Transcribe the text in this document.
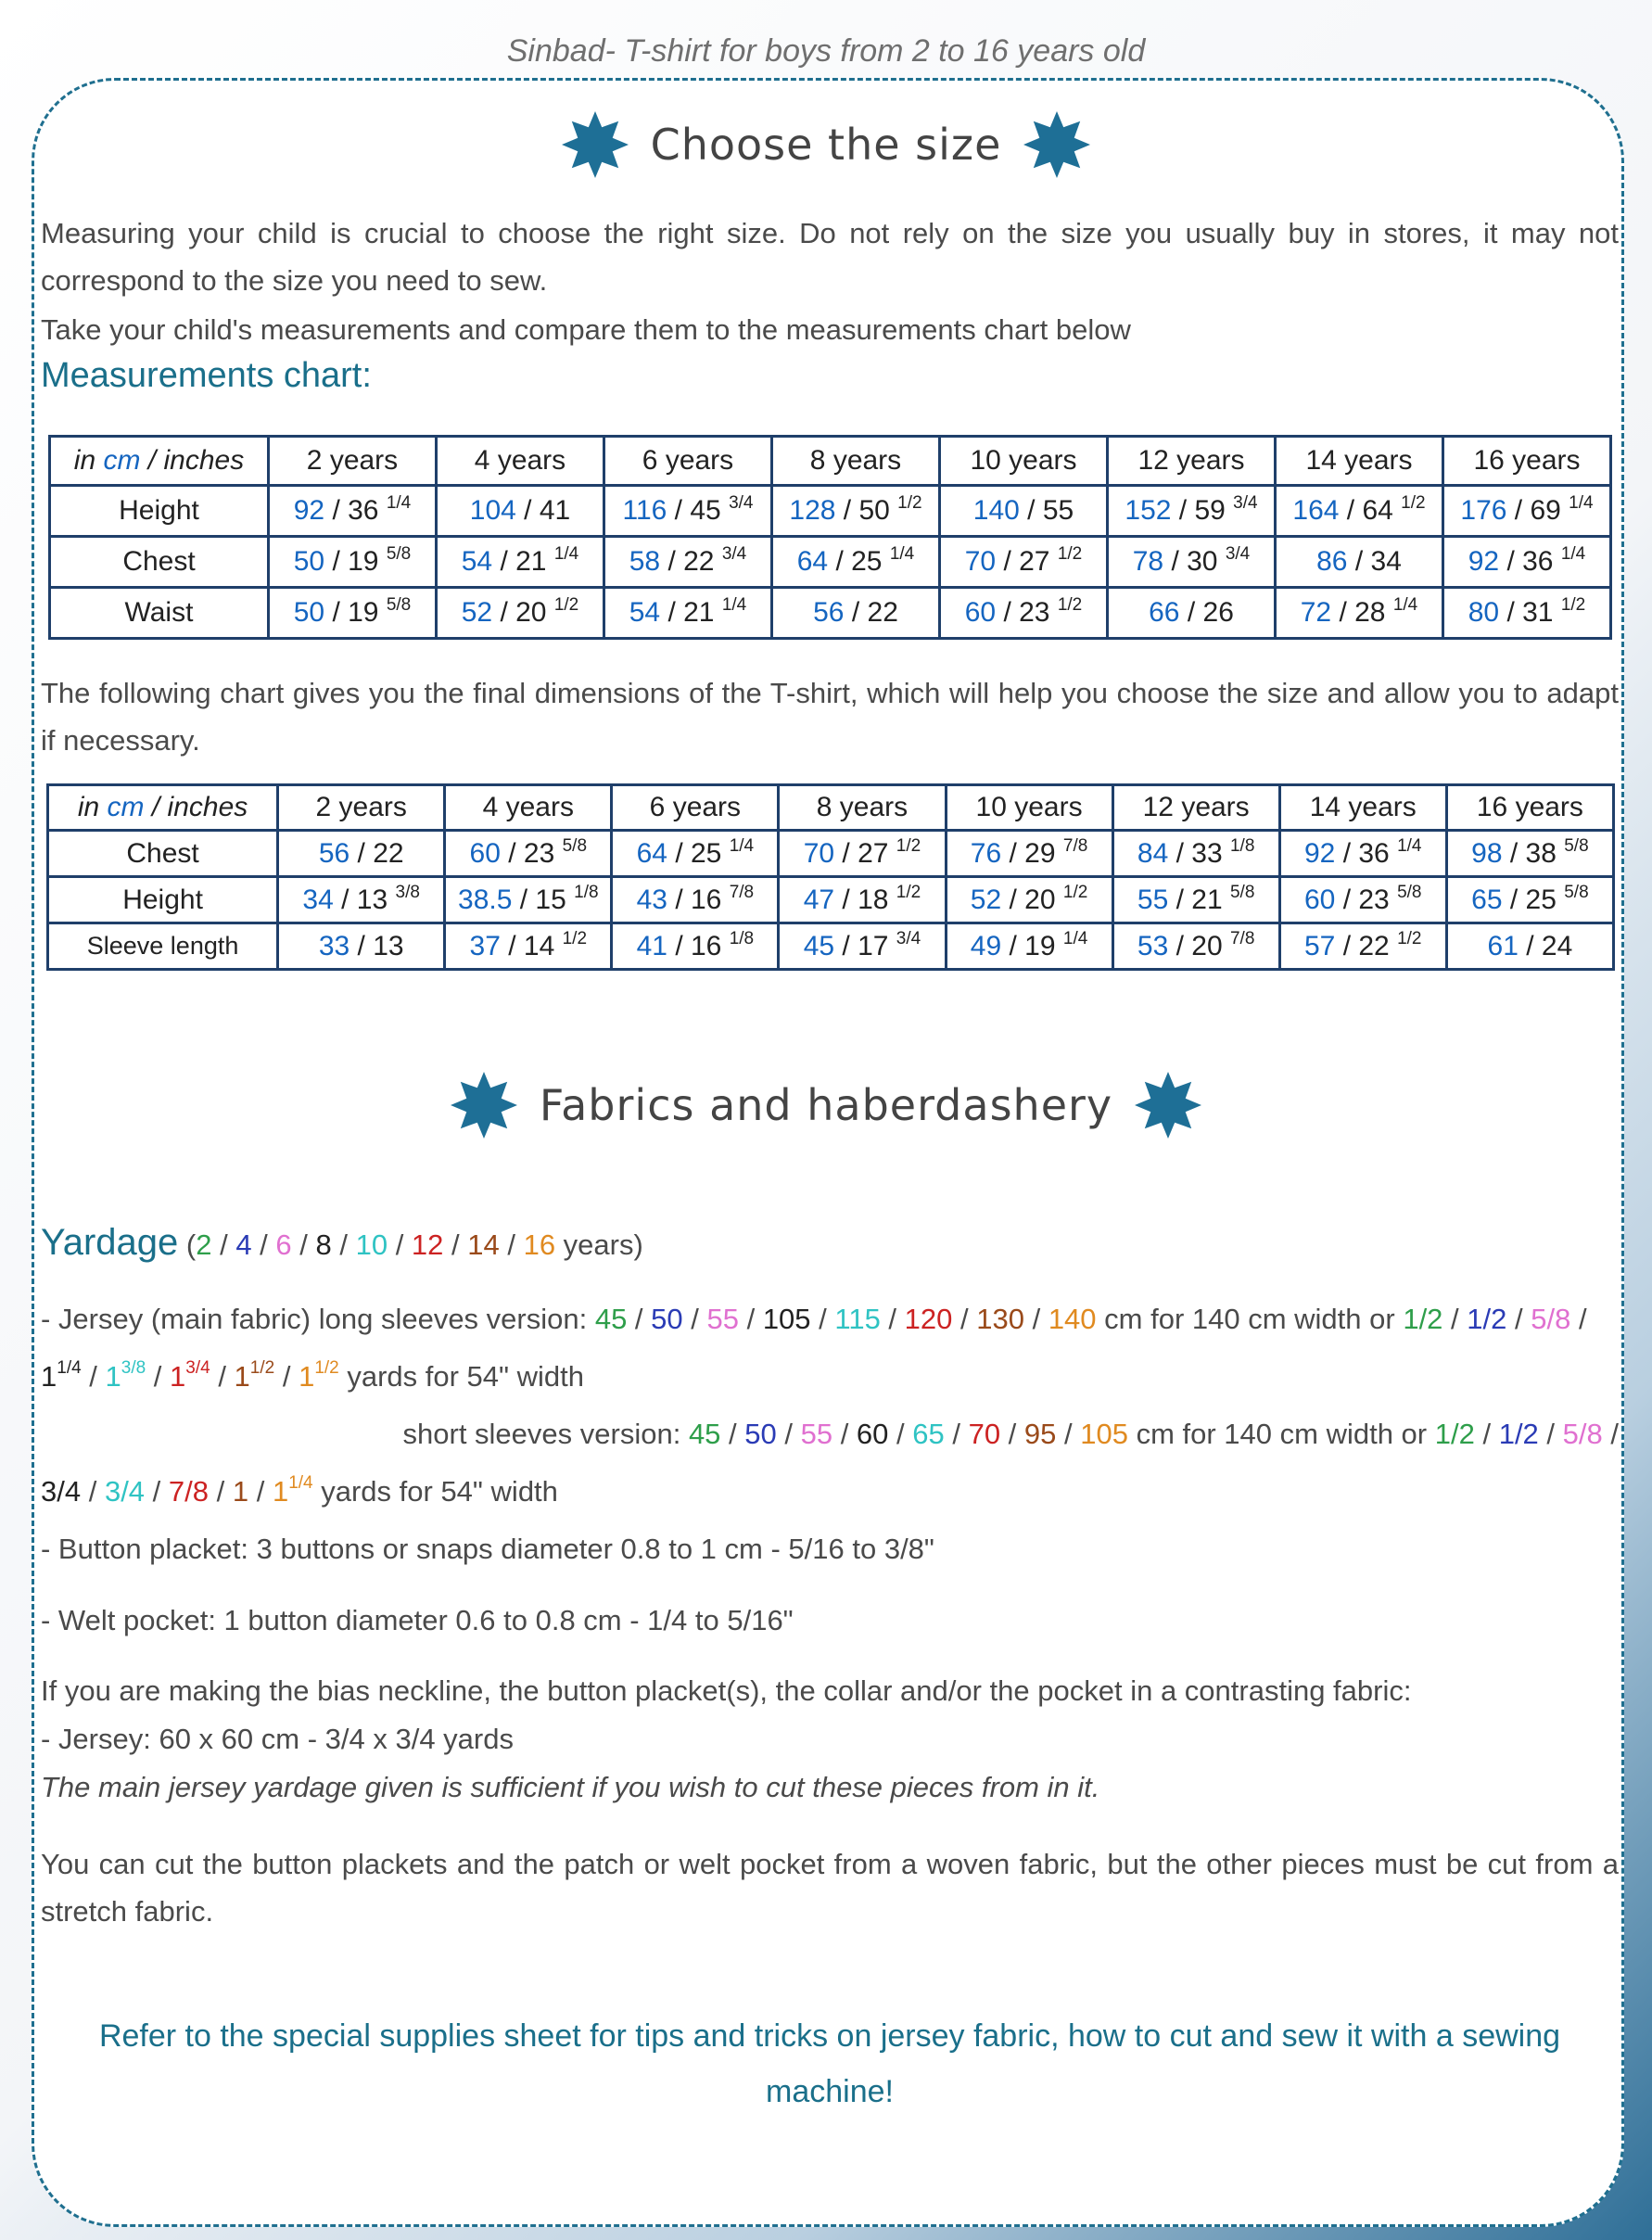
Sinbad- T-shirt for boys from 2 to 16 years old
Choose the size
Measuring your child is crucial to choose the right size. Do not rely on the size you usually buy in stores, it may not correspond to the size you need to sew.
Take your child's measurements and compare them to the measurements chart below
Measurements chart:
in cm / inches	2 years	4 years	6 years	8 years	10 years	12 years	14 years	16 years
Height	92 / 36 $^{1/4}$	104 / 41	116 / 45 $^{3/4}$	128 / 50 $^{1/2}$	140 / 55	152 / 59 $^{3/4}$	164 / 64 $^{1/2}$	176 / 69 $^{1/4}$
Chest	50 / 19 $^{5/8}$	54 / 21 $^{1/4}$	58 / 22 $^{3/4}$	64 / 25 $^{1/4}$	70 / 27 $^{1/2}$	78 / 30 $^{3/4}$	86 / 34	92 / 36 $^{1/4}$
Waist	50 / 19 $^{5/8}$	52 / 20 $^{1/2}$	54 / 21 $^{1/4}$	56 / 22	60 / 23 $^{1/2}$	66 / 26	72 / 28 $^{1/4}$	80 / 31 $^{1/2}$
The following chart gives you the final dimensions of the T-shirt, which will help you choose the size and allow you to adapt if necessary.
in cm / inches	2 years	4 years	6 years	8 years	10 years	12 years	14 years	16 years
Chest	56 / 22	60 / 23 $^{5/8}$	64 / 25 $^{1/4}$	70 / 27 $^{1/2}$	76 / 29 $^{7/8}$	84 / 33 $^{1/8}$	92 / 36 $^{1/4}$	98 / 38 $^{5/8}$
Height	34 / 13 $^{3/8}$	38.5 / 15 $^{1/8}$	43 / 16 $^{7/8}$	47 / 18 $^{1/2}$	52 / 20 $^{1/2}$	55 / 21 $^{5/8}$	60 / 23 $^{5/8}$	65 / 25 $^{5/8}$
Sleeve length	33 / 13	37 / 14 $^{1/2}$	41 / 16 $^{1/8}$	45 / 17 $^{3/4}$	49 / 19 $^{1/4}$	53 / 20 $^{7/8}$	57 / 22 $^{1/2}$	61 / 24
Fabrics and haberdashery
Yardage (2 / 4 / 6 / 8 / 10 / 12 / 14 / 16 years)
- Jersey (main fabric) long sleeves version: 45 / 50 / 55 / 105 / 115 / 120 / 130 / 140 cm for 140 cm width or 1/2 / 1/2 / 5/8 /
$1^{1/4} / 1^{3/8} / 1^{3/4} / 1^{1/2} / 1^{1/2}$ yards for 54" width
short sleeves version: 45 / 50 / 55 / 60 / 65 / 70 / 95 / 105 cm for 140 cm width or 1/2 / 1/2 / 5/8 /
$3/4 / 3/4 / 7/8 / 1 / 1^{1/4}$ yards for 54" width
- Button placket: 3 buttons or snaps diameter 0.8 to 1 cm - 5/16 to 3/8"
- Welt pocket: 1 button diameter 0.6 to 0.8 cm - 1/4 to 5/16"
If you are making the bias neckline, the button placket(s), the collar and/or the pocket in a contrasting fabric:
- Jersey: 60 x 60 cm - 3/4 x 3/4 yards
The main jersey yardage given is sufficient if you wish to cut these pieces from in it.
You can cut the button plackets and the patch or welt pocket from a woven fabric, but the other pieces must be cut from a stretch fabric.
Refer to the special supplies sheet for tips and tricks on jersey fabric, how to cut and sew it with a sewing machine!
